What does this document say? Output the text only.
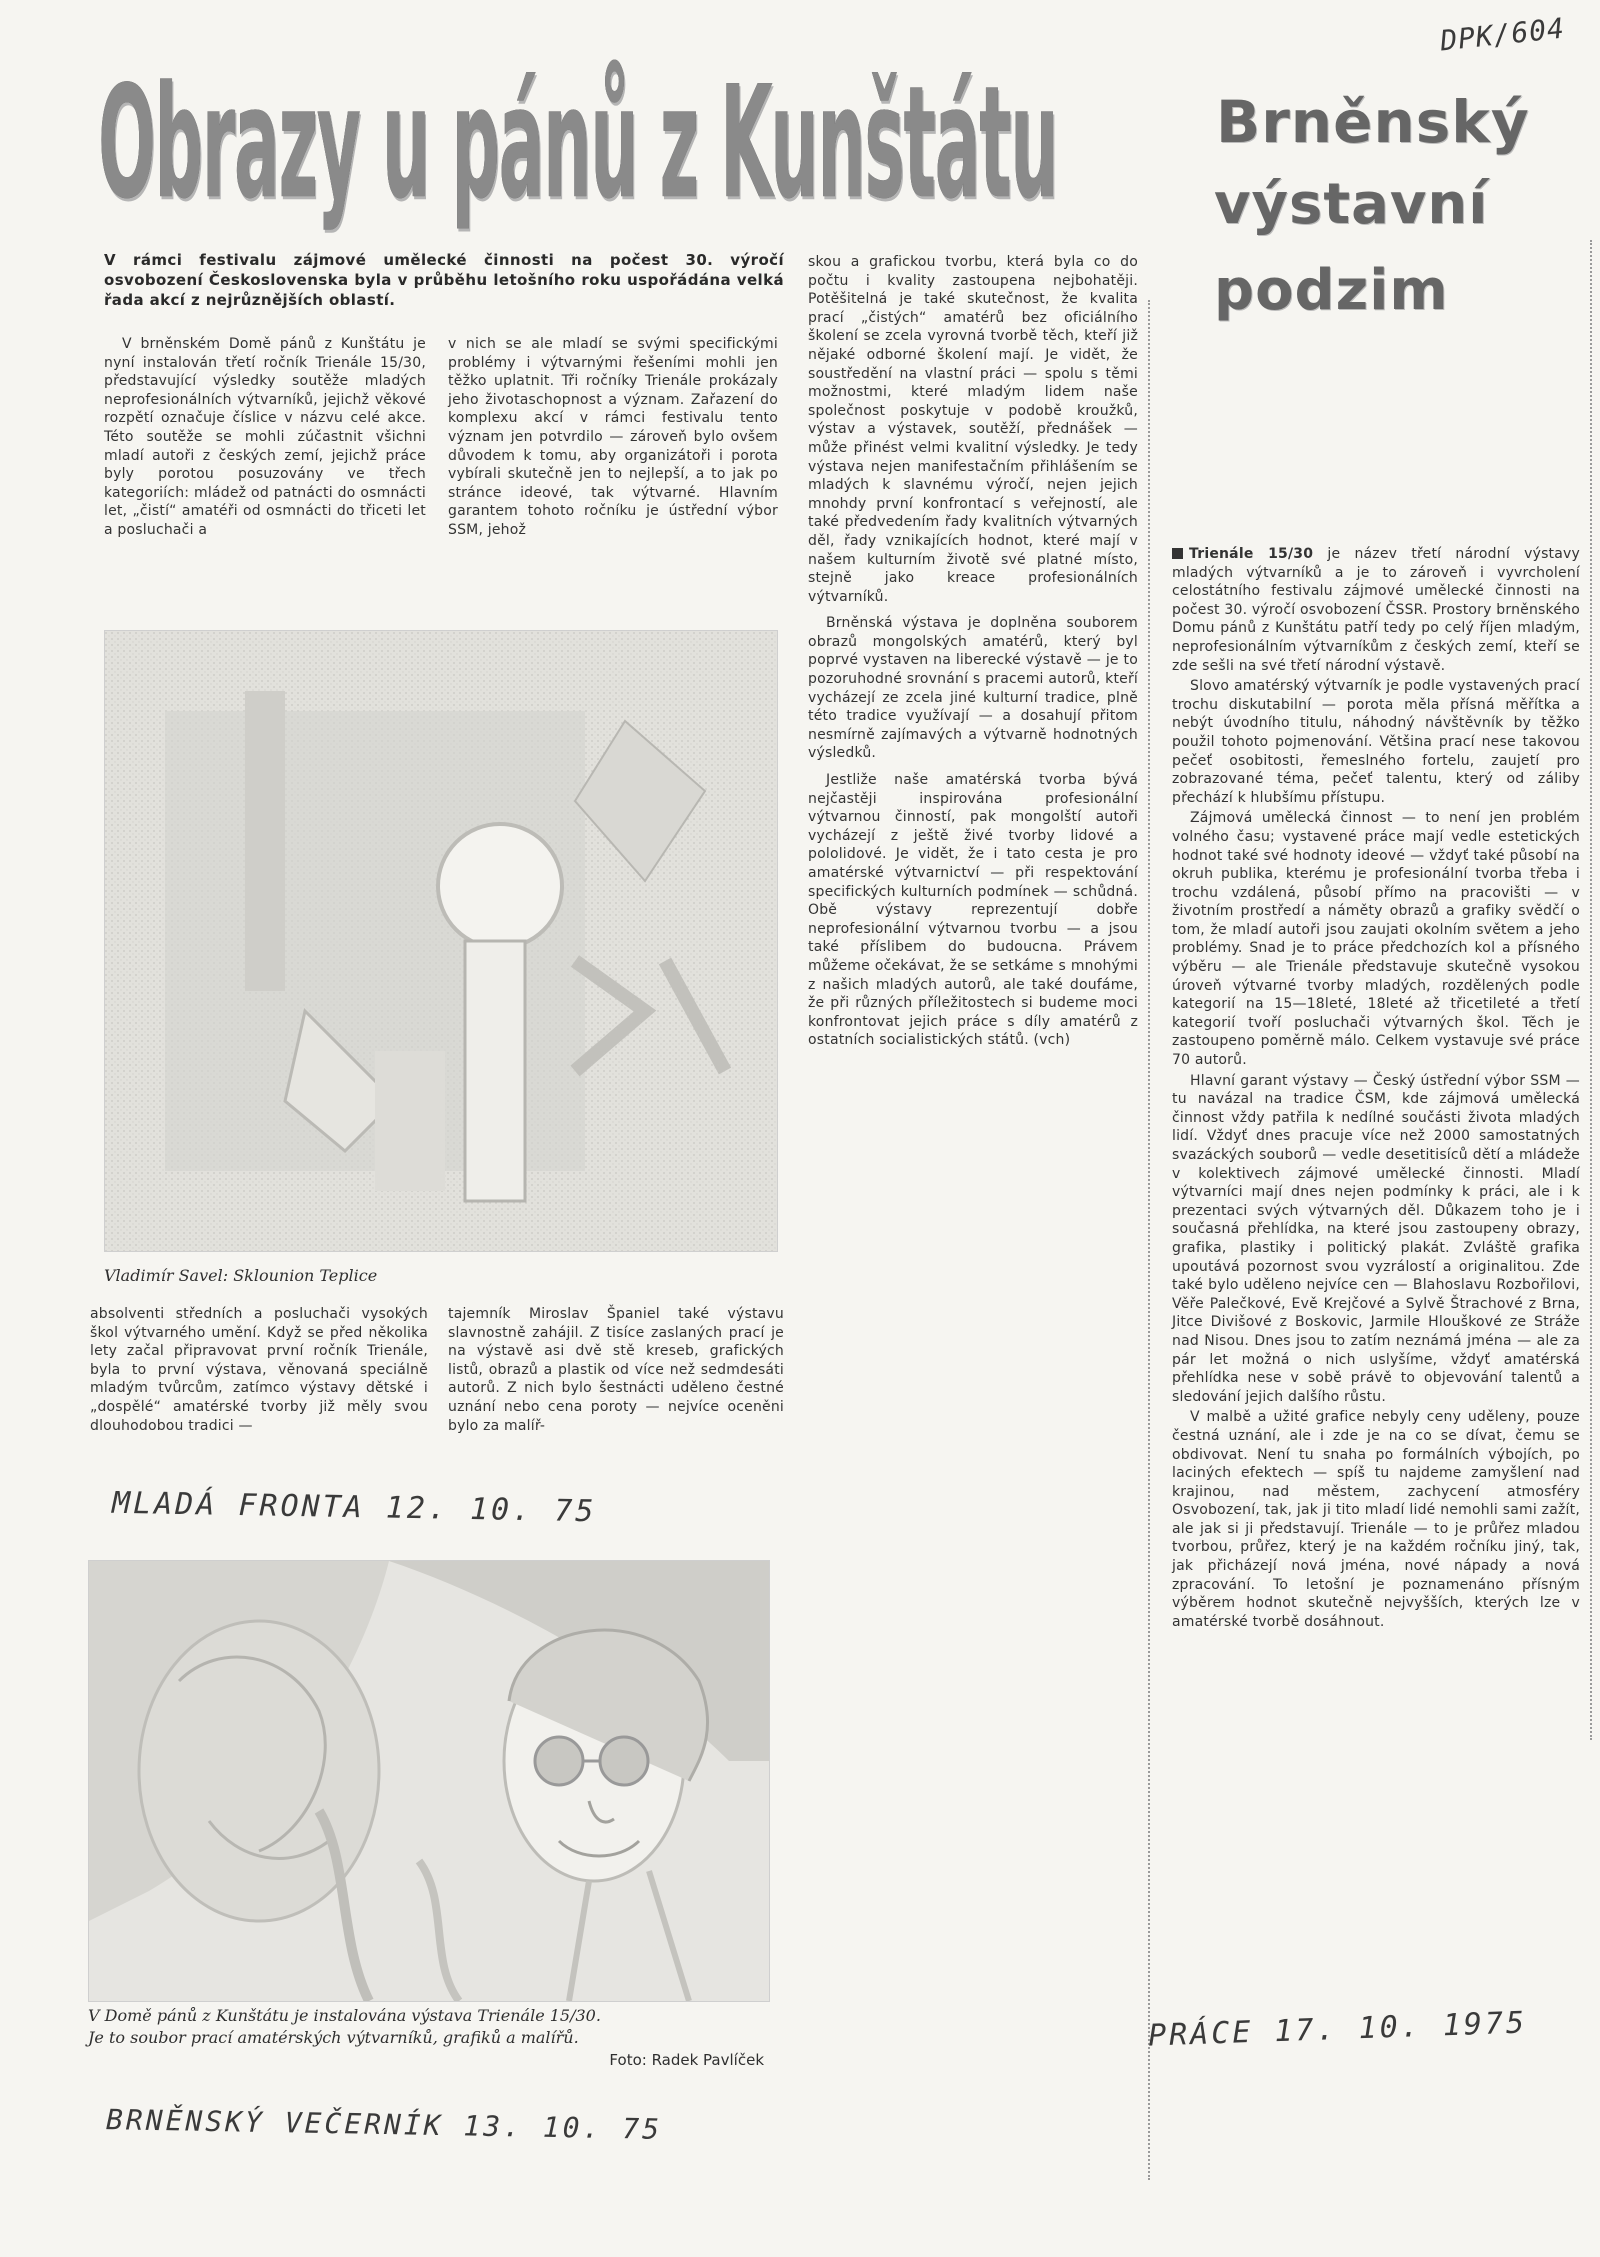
DPK/604
Obrazy u pánů z Kunštátu
V rámci festivalu zájmové umělecké činnosti na počest 30. výročí osvobození Československa byla v průběhu letošního roku uspořádána velká řada akcí z nejrůznějších oblastí.

V brněnském Domě pánů z Kunštátu je nyní instalován třetí ročník Trienále 15/30, představující výsledky soutěže mladých neprofesionálních výtvarníků, jejichž věkové rozpětí označuje číslice v názvu celé akce. Této soutěže se mohli zúčastnit všichni mladí autoři z českých zemí, jejichž práce byly porotou posuzovány ve třech kategoriích: mládež od patnácti do osmnácti let, „čistí“ amatéři od osmnácti do třiceti let a posluchači a

v nich se ale mladí se svými specifickými problémy i výtvarnými řešeními mohli jen těžko uplatnit. Tři ročníky Trienále prokázaly jeho životaschopnost a význam. Zařazení do komplexu akcí v rámci festivalu tento význam jen potvrdilo — zároveň bylo ovšem důvodem k tomu, aby organizátoři i porota vybírali skutečně jen to nejlepší, a to jak po stránce ideové, tak výtvarné. Hlavním garantem tohoto ročníku je ústřední výbor SSM, jehož

skou a grafickou tvorbu, která byla co do počtu i kvality zastoupena nejbohatěji. Potěšitelná je také skutečnost, že kvalita prací „čistých“ amatérů bez oficiálního školení se zcela vyrovná tvorbě těch, kteří již nějaké odborné školení mají. Je vidět, že soustředění na vlastní práci — spolu s těmi možnostmi, které mladým lidem naše společnost poskytuje v podobě kroužků, výstav a výstavek, soutěží, přednášek — může přinést velmi kvalitní výsledky. Je tedy výstava nejen manifestačním přihlášením se mladých k slavnému výročí, nejen jejich mnohdy první konfrontací s veřejností, ale také předvedením řady kvalitních výtvarných děl, řady vznikajících hodnot, které mají v našem kulturním životě své platné místo, stejně jako kreace profesionálních výtvarníků.

Brněnská výstava je doplněna souborem obrazů mongolských amatérů, který byl poprvé vystaven na liberecké výstavě — je to pozoruhodné srovnání s pracemi autorů, kteří vycházejí ze zcela jiné kulturní tradice, plně této tradice využívají — a dosahují přitom nesmírně zajímavých a výtvarně hodnotných výsledků.

Jestliže naše amatérská tvorba bývá nejčastěji inspirována profesionální výtvarnou činností, pak mongolští autoři vycházejí z ještě živé tvorby lidové a pololidové. Je vidět, že i tato cesta je pro amatérské výtvarnictví — při respektování specifických kulturních podmínek — schůdná. Obě výstavy reprezentují dobře neprofesionální výtvarnou tvorbu — a jsou také příslibem do budoucna. Právem můžeme očekávat, že se setkáme s mnohými z našich mladých autorů, ale také doufáme, že při různých příležitostech si budeme moci konfrontovat jejich práce s díly amatérů z ostatních socialistických států. (vch)

Vladimír Savel: Sklounion Teplice

absolventi středních a posluchači vysokých škol výtvarného umění. Když se před několika lety začal připravovat první ročník Trienále, byla to první výstava, věnovaná speciálně mladým tvůrcům, zatímco výstavy dětské i „dospělé“ amatérské tvorby již měly svou dlouhodobou tradici —

tajemník Miroslav Španiel také výstavu slavnostně zahájil. Z tisíce zaslaných prací je na výstavě asi dvě stě kreseb, grafických listů, obrazů a plastik od více než sedmdesáti autorů. Z nich bylo šestnácti uděleno čestné uznání nebo cena poroty — nejvíce oceněni bylo za malíř-

MLADÁ FRONTA 12. 10. 75
V Domě pánů z Kunštátu je instalována výstava Trienále 15/30.
Je to soubor prací amatérských výtvarníků, grafiků a malířů.
Foto: Radek Pavlíček
BRNĚNSKÝ VEČERNÍK 13. 10. 75
Brněnský
výstavní
podzim

Trienále 15/30 je název třetí národní výstavy mladých výtvarníků a je to zároveň i vyvrcholení celostátního festivalu zájmové umělecké činnosti na počest 30. výročí osvobození ČSSR. Prostory brněnského Domu pánů z Kunštátu patří tedy po celý říjen mladým, neprofesionálním výtvarníkům z českých zemí, kteří se zde sešli na své třetí národní výstavě.

Slovo amatérský výtvarník je podle vystavených prací trochu diskutabilní — porota měla přísná měřítka a nebýt úvodního titulu, náhodný návštěvník by těžko použil tohoto pojmenování. Většina prací nese takovou pečeť osobitosti, řemeslného fortelu, zaujetí pro zobrazované téma, pečeť talentu, který od záliby přechází k hlubšímu přístupu.

Zájmová umělecká činnost — to není jen problém volného času; vystavené práce mají vedle estetických hodnot také své hodnoty ideové — vždyť také působí na okruh publika, kterému je profesionální tvorba třeba i trochu vzdálená, působí přímo na pracovišti — v životním prostředí a náměty obrazů a grafiky svědčí o tom, že mladí autoři jsou zaujati okolním světem a jeho problémy. Snad je to práce předchozích kol a přísného výběru — ale Trienále představuje skutečně vysokou úroveň výtvarné tvorby mladých, rozdělených podle kategorií na 15—18leté, 18leté až třicetileté a třetí kategorií tvoří posluchači výtvarných škol. Těch je zastoupeno poměrně málo. Celkem vystavuje své práce 70 autorů.

Hlavní garant výstavy — Český ústřední výbor SSM — tu navázal na tradice ČSM, kde zájmová umělecká činnost vždy patřila k nedílné součásti života mladých lidí. Vždyť dnes pracuje více než 2000 samostatných svazáckých souborů — vedle desetitisíců dětí a mládeže v kolektivech zájmové umělecké činnosti. Mladí výtvarníci mají dnes nejen podmínky k práci, ale i k prezentaci svých výtvarných děl. Důkazem toho je i současná přehlídka, na které jsou zastoupeny obrazy, grafika, plastiky i politický plakát. Zvláště grafika upoutává pozornost svou vyzrálostí a originalitou. Zde také bylo uděleno nejvíce cen — Blahoslavu Rozbořilovi, Věře Palečkové, Evě Krejčové a Sylvě Štrachové z Brna, Jitce Divišové z Boskovic, Jarmile Hlouškové ze Stráže nad Nisou. Dnes jsou to zatím neznámá jména — ale za pár let možná o nich uslyšíme, vždyť amatérská přehlídka nese v sobě právě to objevování talentů a sledování jejich dalšího růstu.

V malbě a užité grafice nebyly ceny uděleny, pouze čestná uznání, ale i zde je na co se dívat, čemu se obdivovat. Není tu snaha po formálních výbojích, po laciných efektech — spíš tu najdeme zamyšlení nad krajinou, nad městem, zachycení atmosféry Osvobození, tak, jak ji tito mladí lidé nemohli sami zažít, ale jak si ji představují. Trienále — to je průřez mladou tvorbou, průřez, který je na každém ročníku jiný, tak, jak přicházejí nová jména, nové nápady a nová zpracování. To letošní je poznamenáno přísným výběrem hodnot skutečně nejvyšších, kterých lze v amatérské tvorbě dosáhnout.

PRÁCE 17. 10. 1975
